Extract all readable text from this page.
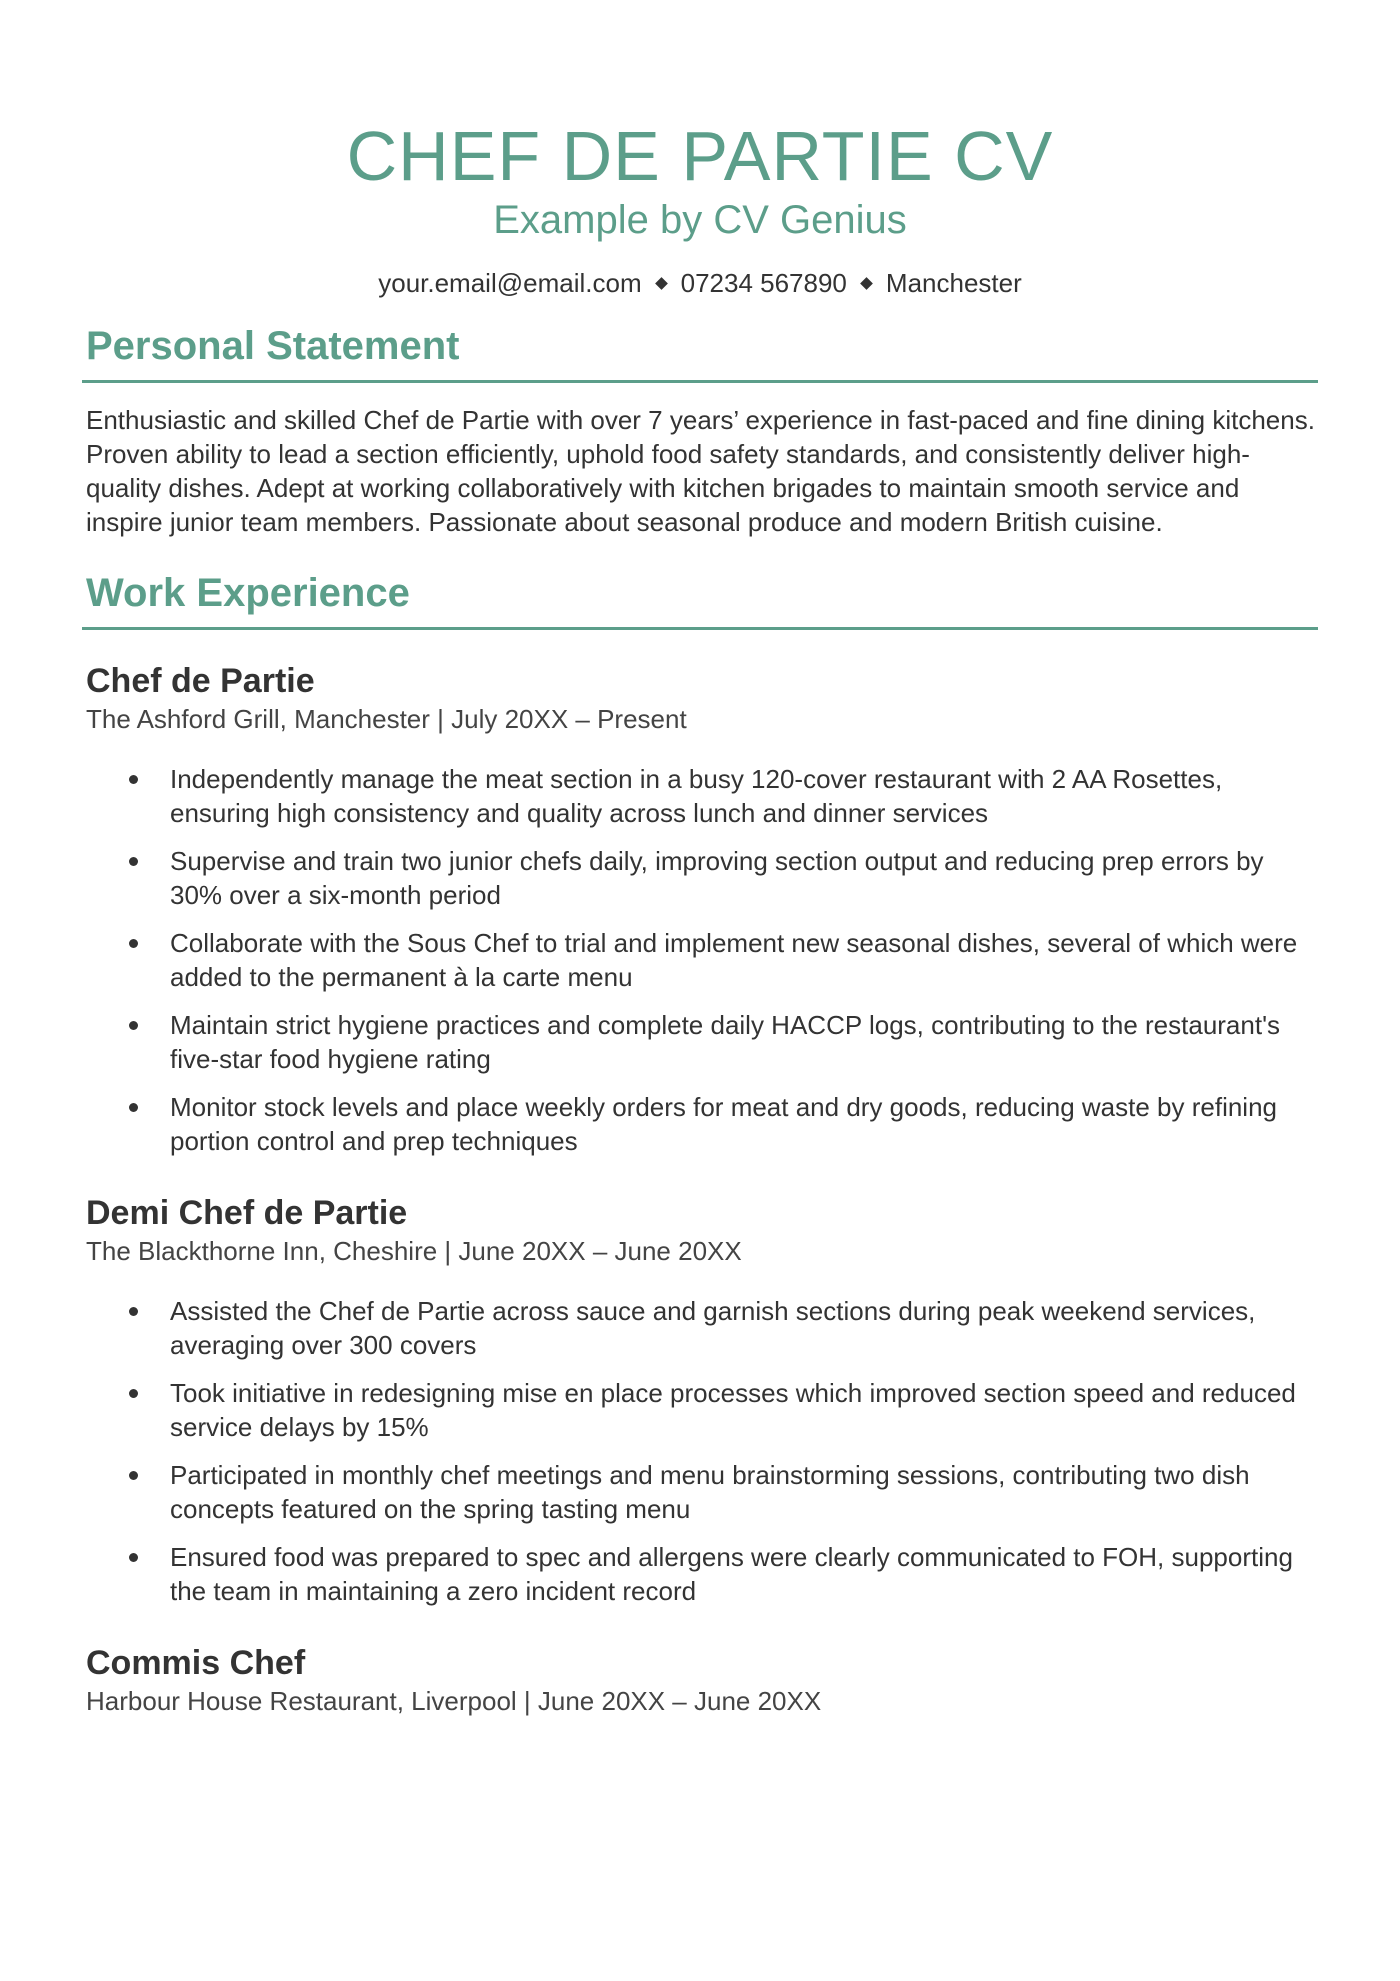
CHEF DE PARTIE CV

Example by CV Genius

your.email@email.com 07234 567890 Manchester
Personal Statement

Enthusiastic and skilled Chef de Partie with over 7 years’ experience in fast-paced and fine dining kitchens. Proven ability to lead a section efficiently, uphold food safety standards, and consistently deliver high-quality dishes. Adept at working collaboratively with kitchen brigades to maintain smooth service and inspire junior team members. Passionate about seasonal produce and modern British cuisine.

Work Experience
Chef de Partie

The Ashford Grill, Manchester | July 20XX – Present

Independently manage the meat section in a busy 120-cover restaurant with 2 AA Rosettes, ensuring high consistency and quality across lunch and dinner services
Supervise and train two junior chefs daily, improving section output and reducing prep errors by 30% over a six-month period
Collaborate with the Sous Chef to trial and implement new seasonal dishes, several of which were added to the permanent à la carte menu
Maintain strict hygiene practices and complete daily HACCP logs, contributing to the restaurant's five-star food hygiene rating
Monitor stock levels and place weekly orders for meat and dry goods, reducing waste by refining portion control and prep techniques
Demi Chef de Partie

The Blackthorne Inn, Cheshire | June 20XX – June 20XX

Assisted the Chef de Partie across sauce and garnish sections during peak weekend services, averaging over 300 covers
Took initiative in redesigning mise en place processes which improved section speed and reduced service delays by 15%
Participated in monthly chef meetings and menu brainstorming sessions, contributing two dish concepts featured on the spring tasting menu
Ensured food was prepared to spec and allergens were clearly communicated to FOH, supporting the team in maintaining a zero incident record
Commis Chef

Harbour House Restaurant, Liverpool | June 20XX – June 20XX
